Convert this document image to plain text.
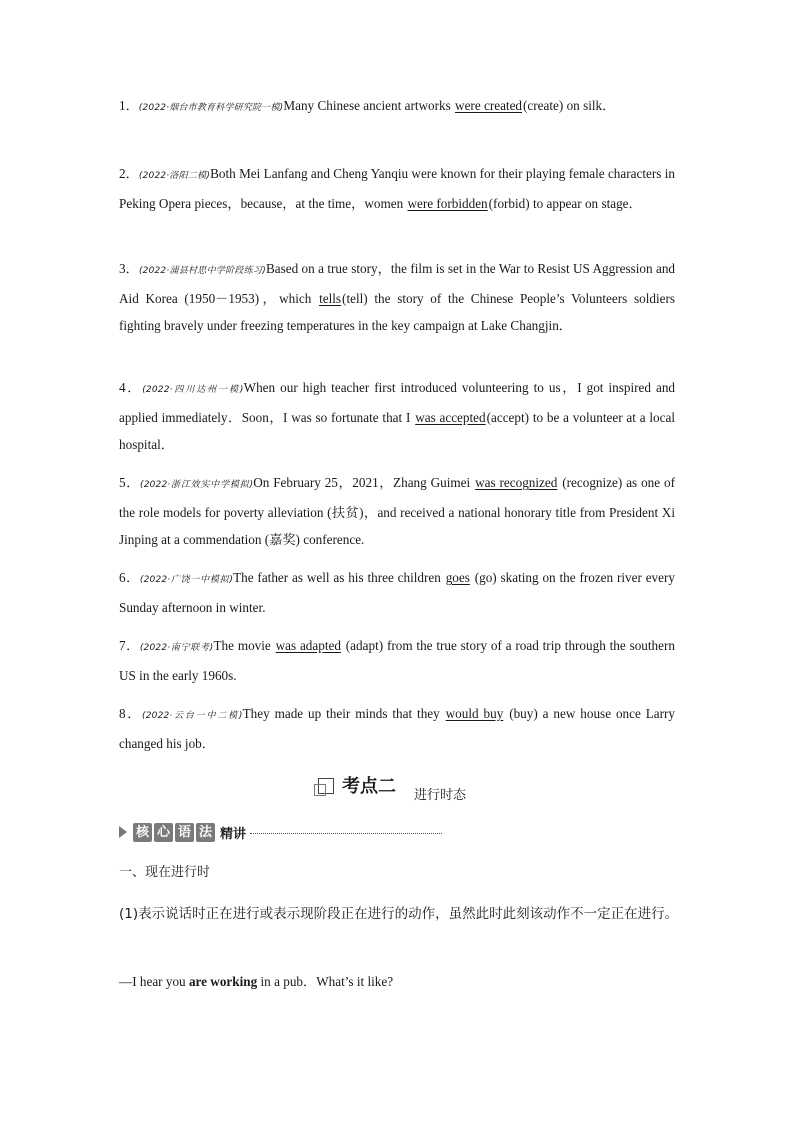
1．(2022·烟台市教育科学研究院一模)Many Chinese ancient artworks were created(create) on silk．
2．(2022·洛阳二模)Both Mei Lanfang and Cheng Yanqiu were known for their playing female characters in Peking Opera pieces，because，at the time，women were forbidden(forbid) to appear on stage．
3．(2022·浦县村思中学阶段练习)Based on a true story，the film is set in the War to Resist US Aggression and Aid Korea (1950－1953)，which tells(tell) the story of the Chinese People’s Volunteers soldiers fighting bravely under freezing temperatures in the key campaign at Lake Changjin．
4．(2022·四川达州一模)When our high teacher first introduced volunteering to us，I got inspired and applied immediately．Soon，I was so fortunate that I was accepted(accept) to be a volunteer at a local hospital．
5．(2022·浙江效实中学模拟)On February 25，2021，Zhang Guimei was recognized (recognize) as one of the role models for poverty alleviation (扶贫)，and received a national honorary title from President Xi Jinping at a commendation (嘉奖) conference.
6．(2022·广饶一中模拟)The father as well as his three children goes (go) skating on the frozen river every Sunday afternoon in winter.
7．(2022·南宁联考)The movie was adapted (adapt) from the true story of a road trip through the southern US in the early 1960s.
8．(2022·云台一中二模)They made up their minds that they would buy (buy) a new house once Larry changed his job．
考点二 进行时态
核 心 语 法 精讲
一、现在进行时
(1)表示说话时正在进行或表示现阶段正在进行的动作，虽然此时此刻该动作不一定正在进行。
—I hear you are working in a pub．What’s it like?
